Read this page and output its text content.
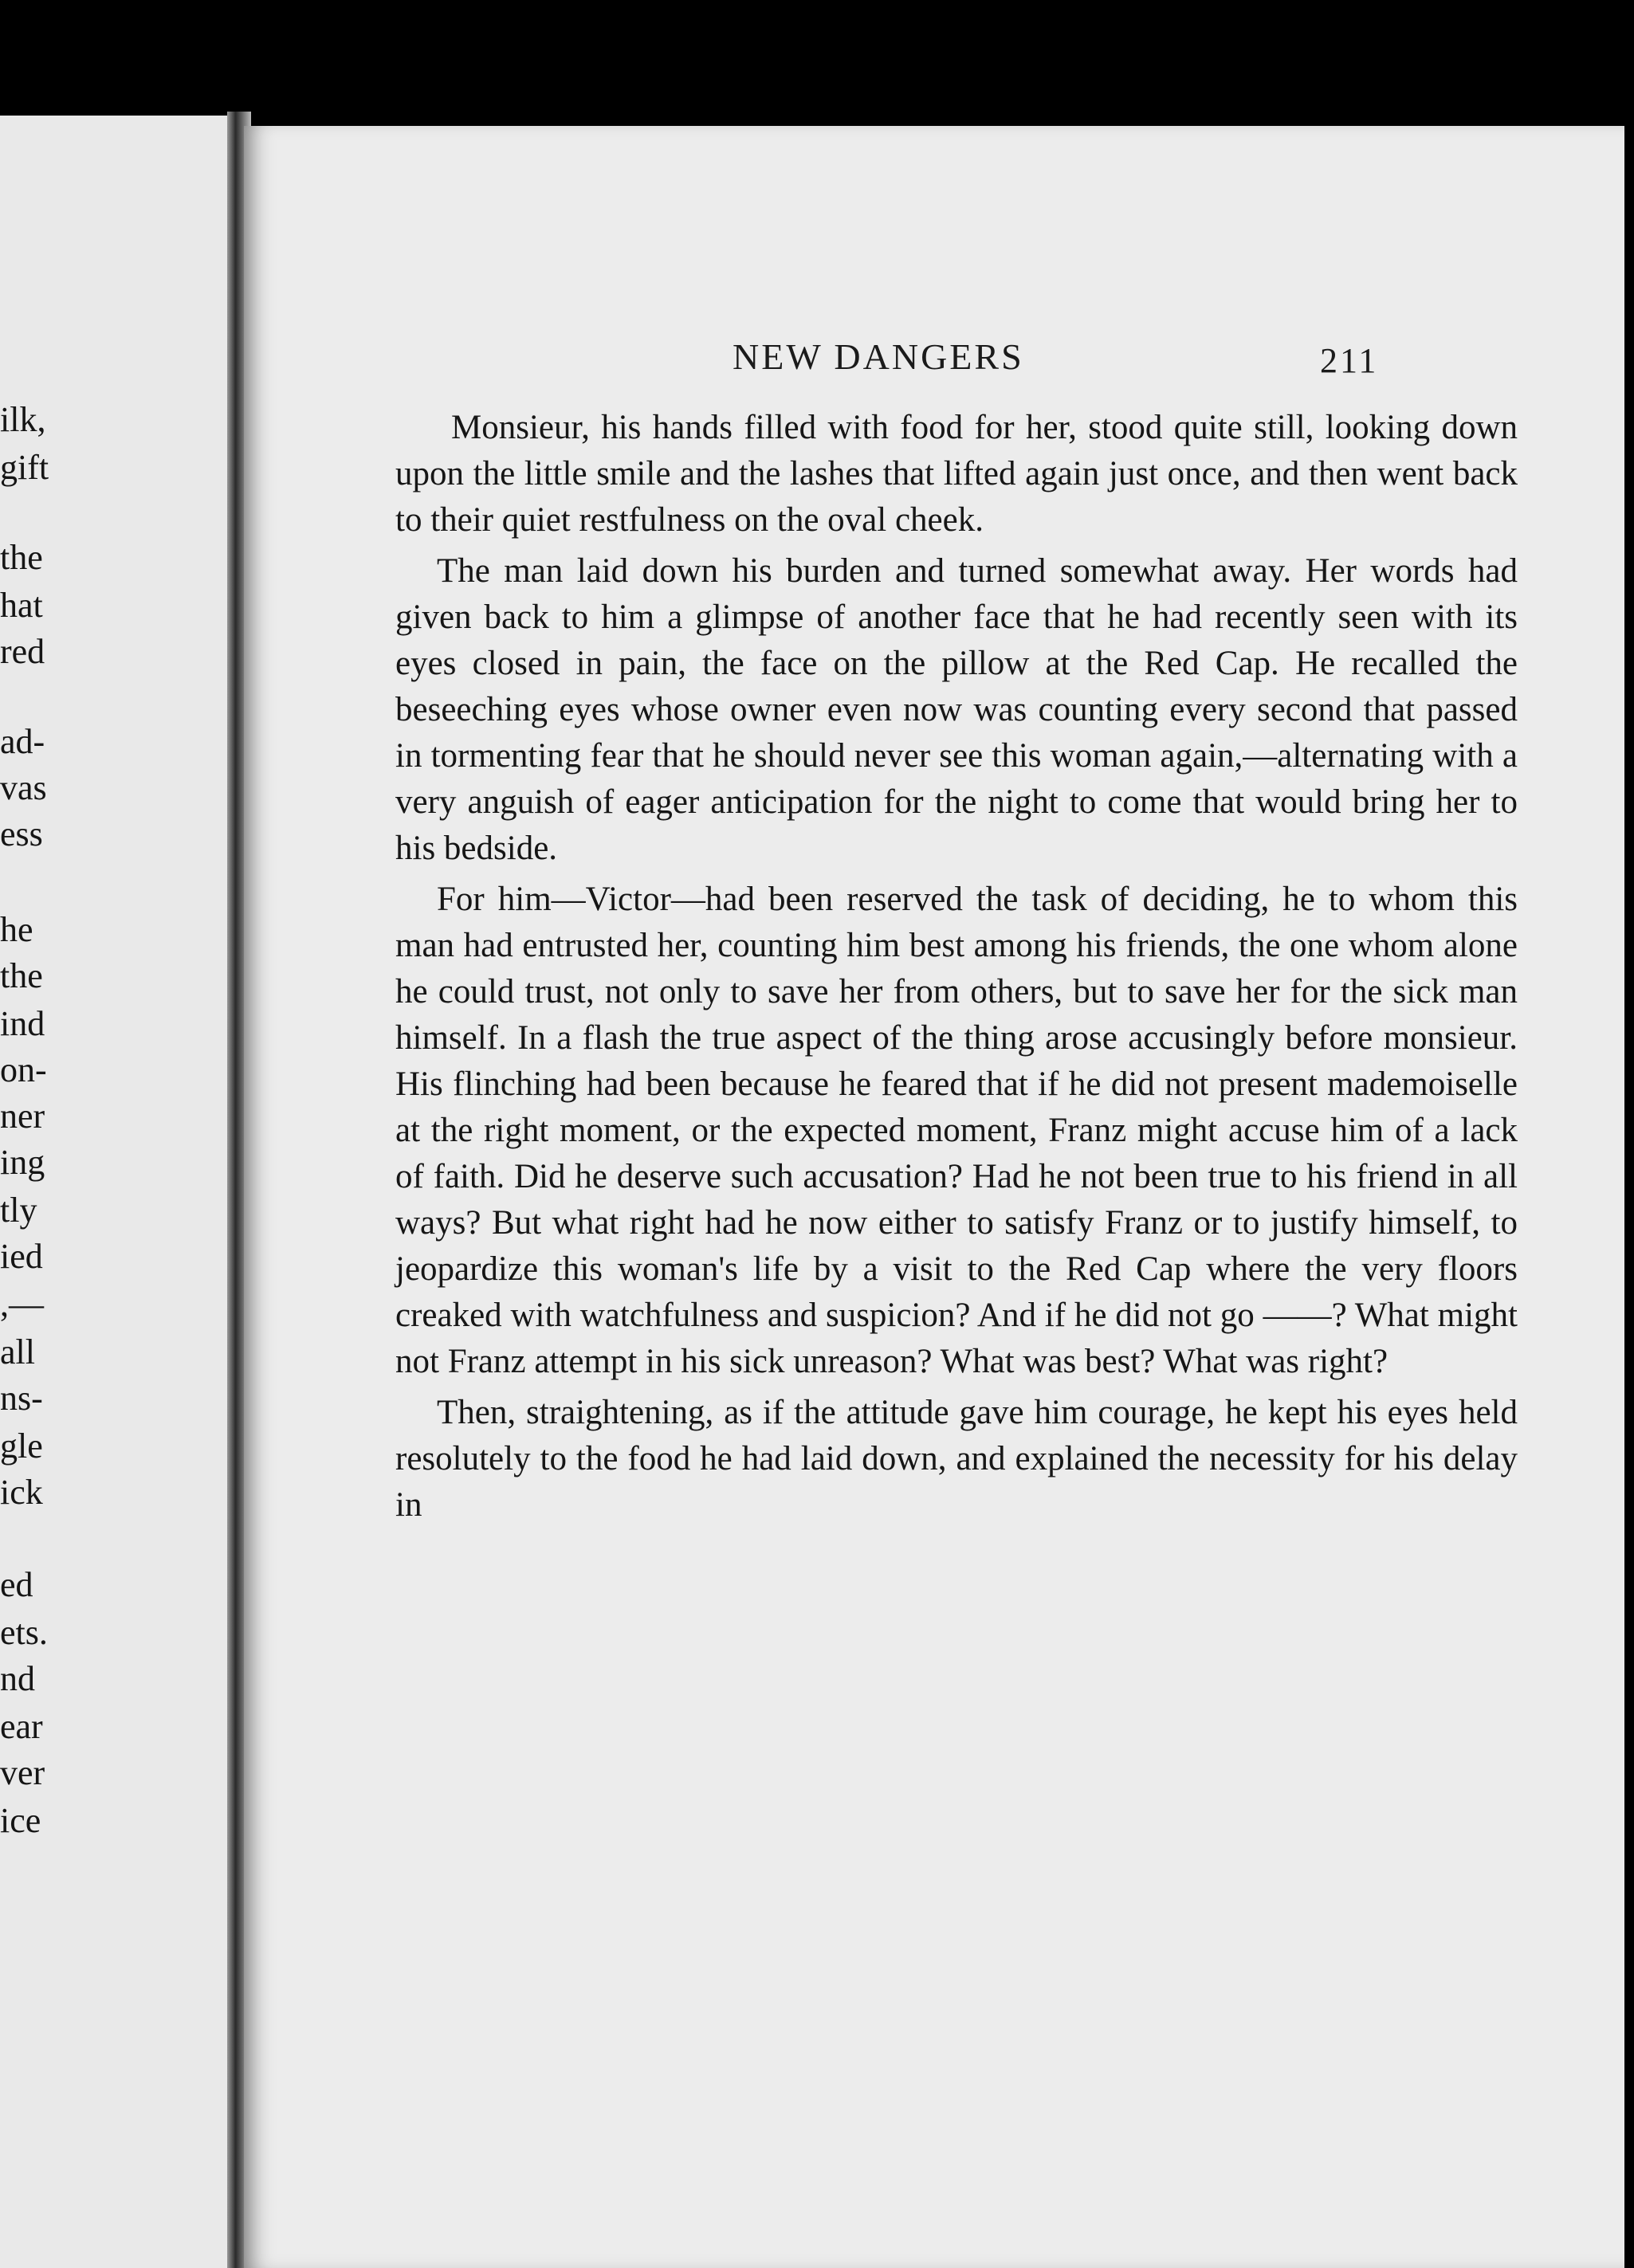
ilk,
gift
the
hat
red
ad-
vas
ess
he
the
ind
on-
ner
ing
tly
ied
,—
all
ns-
gle
ick
ed
ets.
nd
ear
ver
ice
NEW DANGERS	211

Monsieur, his hands filled with food for her, stood quite still, looking down upon the little smile and the lashes that lifted again just once, and then went back to their quiet restfulness on the oval cheek.

The man laid down his burden and turned somewhat away. Her words had given back to him a glimpse of another face that he had recently seen with its eyes closed in pain, the face on the pillow at the Red Cap. He recalled the beseeching eyes whose owner even now was counting every second that passed in tormenting fear that he should never see this woman again,—alternating with a very anguish of eager anticipation for the night to come that would bring her to his bedside.

For him—Victor—had been reserved the task of deciding, he to whom this man had entrusted her, counting him best among his friends, the one whom alone he could trust, not only to save her from others, but to save her for the sick man himself. In a flash the true aspect of the thing arose accusingly before monsieur. His flinching had been because he feared that if he did not present mademoiselle at the right moment, or the expected moment, Franz might accuse him of a lack of faith. Did he deserve such accusation? Had he not been true to his friend in all ways? But what right had he now either to satisfy Franz or to justify himself, to jeopardize this woman's life by a visit to the Red Cap where the very floors creaked with watchfulness and suspicion? And if he did not go ——? What might not Franz attempt in his sick unreason? What was best? What was right?

Then, straightening, as if the attitude gave him courage, he kept his eyes held resolutely to the food he had laid down, and explained the necessity for his delay in
